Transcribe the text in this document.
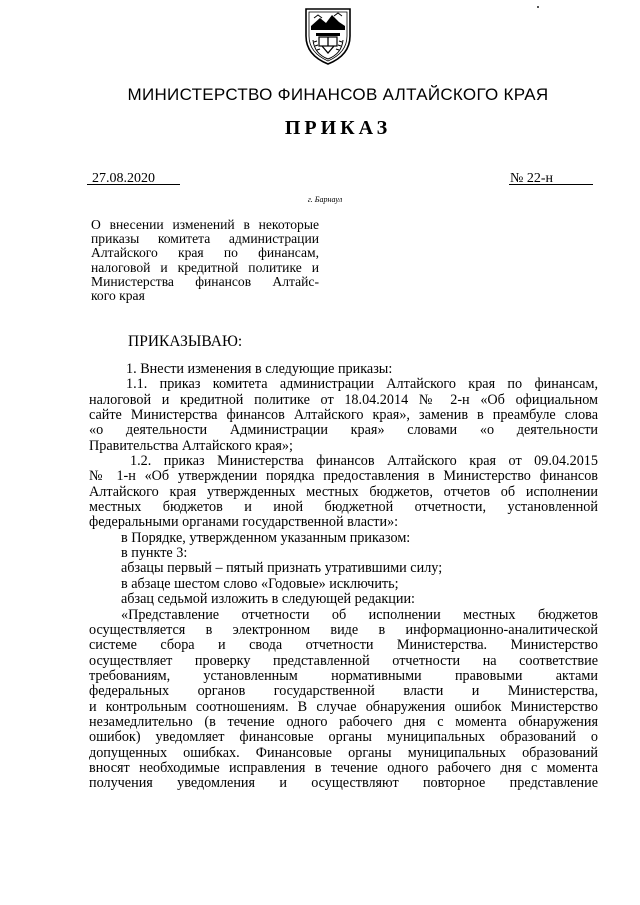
МИНИСТЕРСТВО ФИНАНСОВ АЛТАЙСКОГО КРАЯ
ПРИКАЗ
27.08.2020	№ 22-н
г. Барнаул
О внесении изменений в некоторые
приказы комитета администрации
Алтайского края по финансам,
налоговой и кредитной политике и
Министерства финансов Алтайс-
кого края
ПРИКАЗЫВАЮ:
1. Внести изменения в следующие приказы:
1.1. приказ комитета администрации Алтайского края по финансам,
налоговой и кредитной политике от 18.04.2014 № 2-н «Об официальном
сайте Министерства финансов Алтайского края», заменив в преамбуле слова
«о деятельности Администрации края» словами «о деятельности
Правительства Алтайского края»;
1.2. приказ Министерства финансов Алтайского края от 09.04.2015
№ 1-н «Об утверждении порядка предоставления в Министерство финансов
Алтайского края утвержденных местных бюджетов, отчетов об исполнении
местных бюджетов и иной бюджетной отчетности, установленной
федеральными органами государственной власти»:
в Порядке, утвержденном указанным приказом:
в пункте 3:
абзацы первый – пятый признать утратившими силу;
в абзаце шестом слово «Годовые» исключить;
абзац седьмой изложить в следующей редакции:
«Представление отчетности об исполнении местных бюджетов
осуществляется в электронном виде в информационно-аналитической
системе сбора и свода отчетности Министерства. Министерство
осуществляет проверку представленной отчетности на соответствие
требованиям, установленным нормативными правовыми актами
федеральных органов государственной власти и Министерства,
и контрольным соотношениям. В случае обнаружения ошибок Министерство
незамедлительно (в течение одного рабочего дня с момента обнаружения
ошибок) уведомляет финансовые органы муниципальных образований о
допущенных ошибках. Финансовые органы муниципальных образований
вносят необходимые исправления в течение одного рабочего дня с момента
получения уведомления и осуществляют повторное представление
